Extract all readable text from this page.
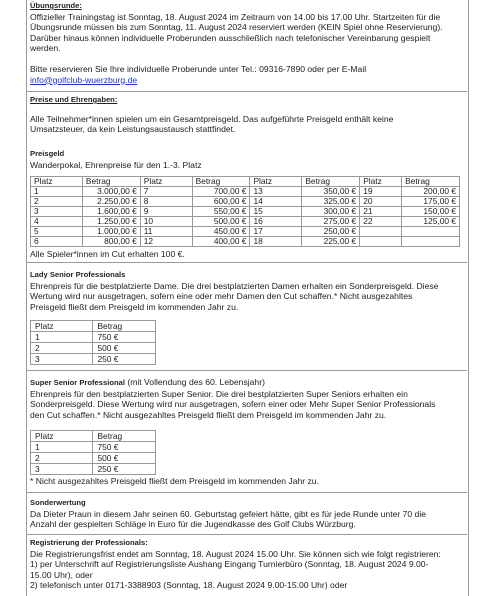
Übungsrunde:

Offizieller Trainingstag ist Sonntag, 18. August 2024 im Zeitraum von 14.00 bis 17.00 Uhr. Startzeiten für die

Übungsrunde müssen bis zum Sonntag, 11. August 2024 reserviert werden (KEIN Spiel ohne Reservierung).

Darüber hinaus können individuelle Proberunden ausschließlich nach telefonischer Vereinbarung gespielt

werden.

Bitte reservieren Sie Ihre individuelle Proberunde unter Tel.: 09316-7890 oder per E-Mail

info@golfclub-wuerzburg.de

Preise und Ehrengaben:

Alle Teilnehmer*innen spielen um ein Gesamtpreisgeld. Das aufgeführte Preisgeld enthält keine

Umsatzsteuer, da kein Leistungsaustausch stattfindet.

Preisgeld

Wanderpokal, Ehrenpreise für den 1.-3. Platz

Platz	Betrag	Platz	Betrag	Platz	Betrag	Platz	Betrag
1	3.000,00 €	7	700,00 €	13	350,00 €	19	200,00 €
2	2.250,00 €	8	600,00 €	14	325,00 €	20	175,00 €
3	1.600,00 €	9	550,00 €	15	300,00 €	21	150,00 €
4	1.250,00 €	10	500,00 €	16	275,00 €	22	125,00 €
5	1.000,00 €	11	450,00 €	17	250,00 €		
6	800,00 €	12	400,00 €	18	225,00 €		

Alle Spieler*innen im Cut erhalten 100 €.

Lady Senior Professionals

Ehrenpreis für die bestplatzierte Dame. Die drei bestplatzierten Damen erhalten ein Sonderpreisgeld. Diese

Wertung wird nur ausgetragen, sofern eine oder mehr Damen den Cut schaffen.* Nicht ausgezahltes

Preisgeld fließt dem Preisgeld im kommenden Jahr zu.

Platz	Betrag
1	750 €
2	500 €
3	250 €
Super Senior Professional (mit Vollendung des 60. Lebensjahr)

Ehrenpreis für den bestplatzierten Super Senior. Die drei bestplatzierten Super Seniors erhalten ein

Sonderpreisgeld. Diese Wertung wird nur ausgetragen, sofern einer oder Mehr Super Senior Professionals

den Cut schaffen.* Nicht ausgezahltes Preisgeld fließt dem Preisgeld im kommenden Jahr zu.

Platz	Betrag
1	750 €
2	500 €
3	250 €

* Nicht ausgezahltes Preisgeld fließt dem Preisgeld im kommenden Jahr zu.

Sonderwertung

Da Dieter Praun in diesem Jahr seinen 60. Geburtstag gefeiert hätte, gibt es für jede Runde unter 70 die

Anzahl der gespielten Schläge in Euro für die Jugendkasse des Golf Clubs Würzburg.

Registrierung der Professionals:

Die Registrierungsfrist endet am Sonntag, 18. August 2024 15.00 Uhr. Sie können sich wie folgt registrieren:

1) per Unterschrift auf Registrierungsliste Aushang Eingang Turnierbüro (Sonntag, 18. August 2024 9.00-

15.00 Uhr), oder

2) telefonisch unter 0171-3388903 (Sonntag, 18. August 2024 9.00-15.00 Uhr) oder
